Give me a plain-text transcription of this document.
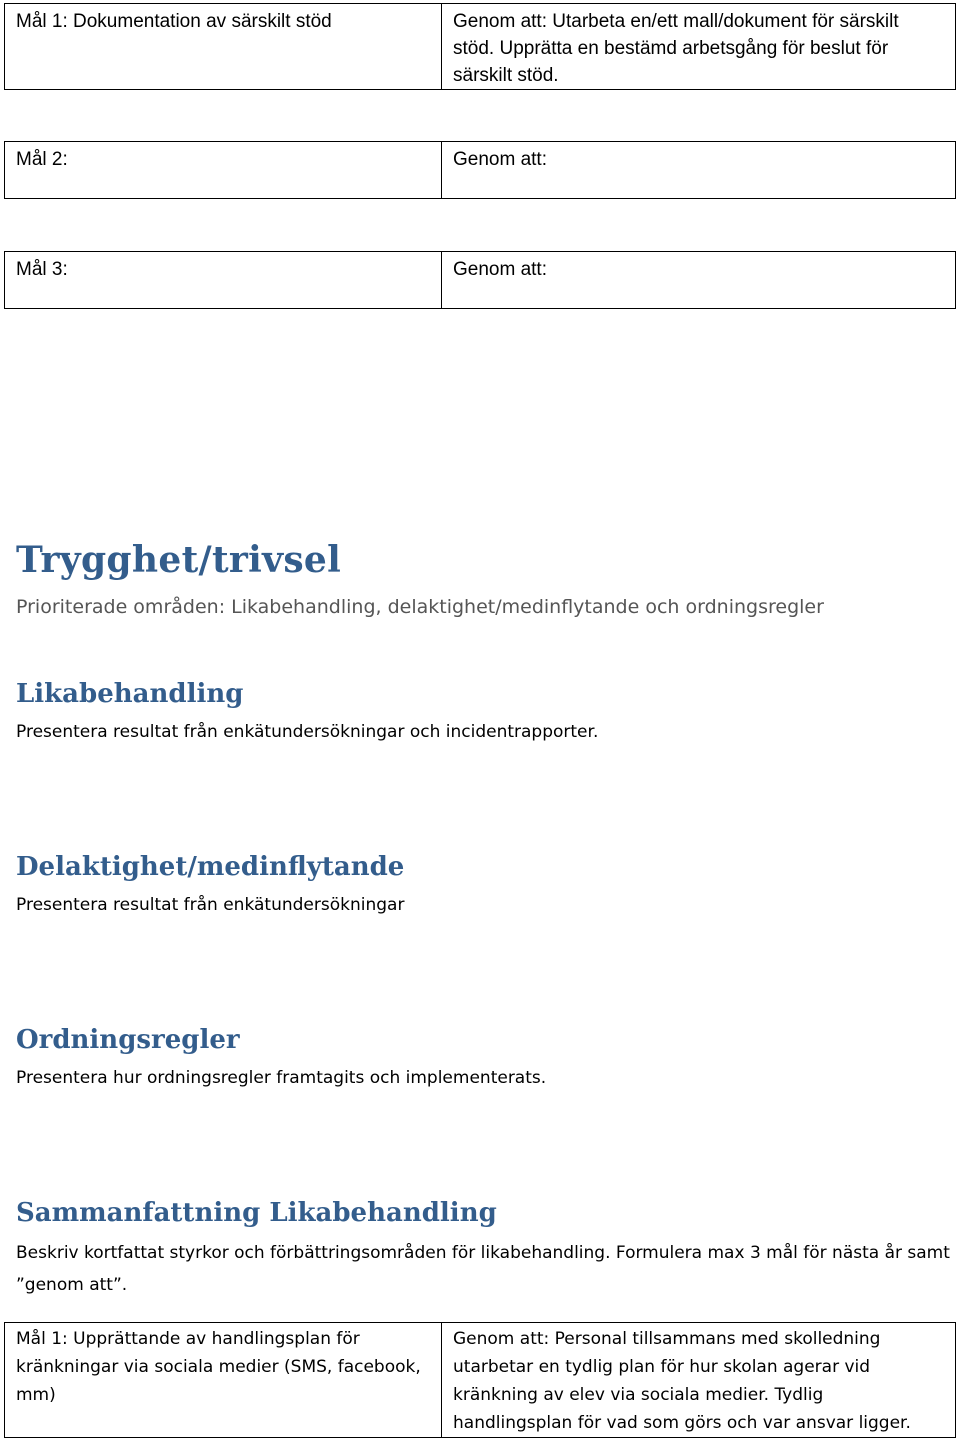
Mål 1: Dokumentation av särskilt stöd	Genom att: Utarbeta en/ett mall/dokument för särskilt stöd. Upprätta en bestämd arbetsgång för beslut för särskilt stöd.
Mål 2:	Genom att:
Mål 3:	Genom att:
Trygghet/trivsel

Prioriterade områden: Likabehandling, delaktighet/medinflytande och ordningsregler

Likabehandling

Presentera resultat från enkätundersökningar och incidentrapporter.

Delaktighet/medinflytande

Presentera resultat från enkätundersökningar

Ordningsregler

Presentera hur ordningsregler framtagits och implementerats.

Sammanfattning Likabehandling

Beskriv kortfattat styrkor och förbättringsområden för likabehandling. Formulera max 3 mål för nästa år samt ”genom att”.

Mål 1: Upprättande av handlingsplan för kränkningar via sociala medier (SMS, facebook, mm)	Genom att: Personal tillsammans med skolledning utarbetar en tydlig plan för hur skolan agerar vid kränkning av elev via sociala medier. Tydlig handlingsplan för vad som görs och var ansvar ligger.
